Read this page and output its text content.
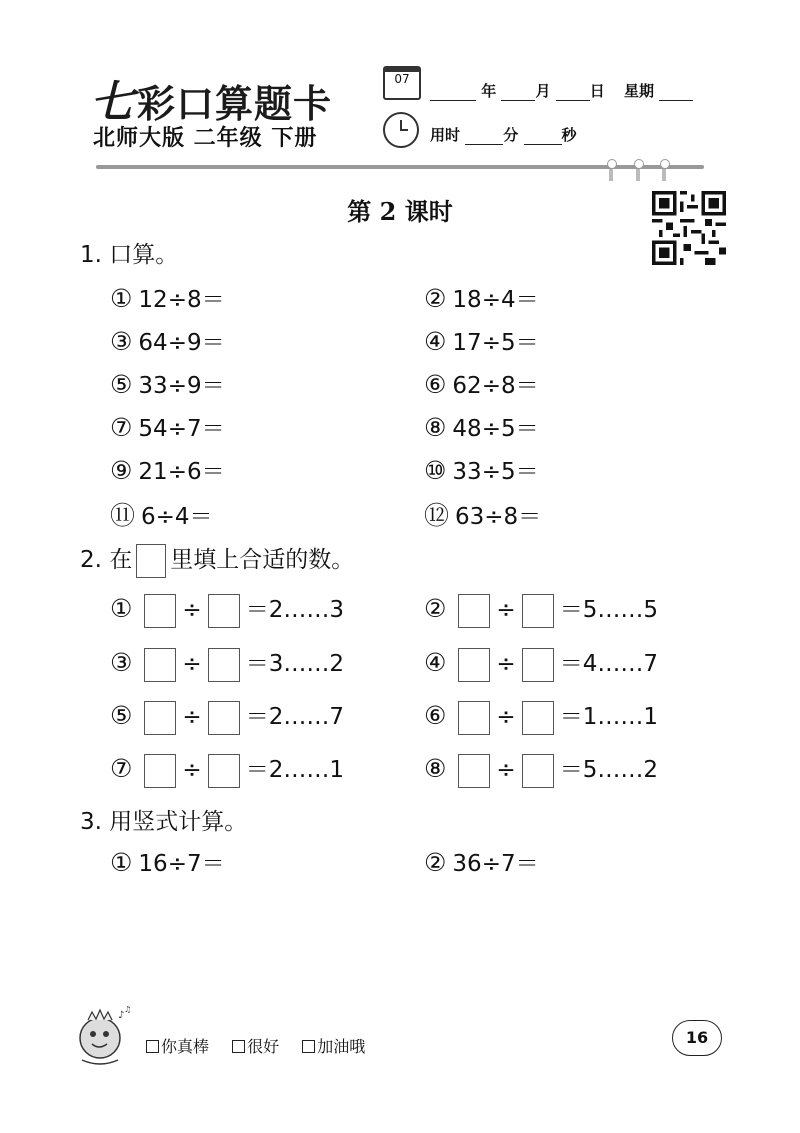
七彩口算题卡
北师大版 二年级 下册
07
年	月	日 星期
用时	分	秒
第 2 课时
1. 口算。
① 12÷8＝	② 18÷4＝
③ 64÷9＝	④ 17÷5＝
⑤ 33÷9＝	⑥ 62÷8＝
⑦ 54÷7＝	⑧ 48÷5＝
⑨ 21÷6＝	⑩ 33÷5＝
⑪ 6÷4＝	⑫ 63÷8＝
2. 在 里填上合适的数。
① ÷ ＝2……3	② ÷ ＝5……5
③ ÷ ＝3……2	④ ÷ ＝4……7
⑤ ÷ ＝2……7	⑥ ÷ ＝1……1
⑦ ÷ ＝2……1	⑧ ÷ ＝5……2
3. 用竖式计算。
① 16÷7＝	② 36÷7＝
♪
♫
你真棒 很好 加油哦	16
